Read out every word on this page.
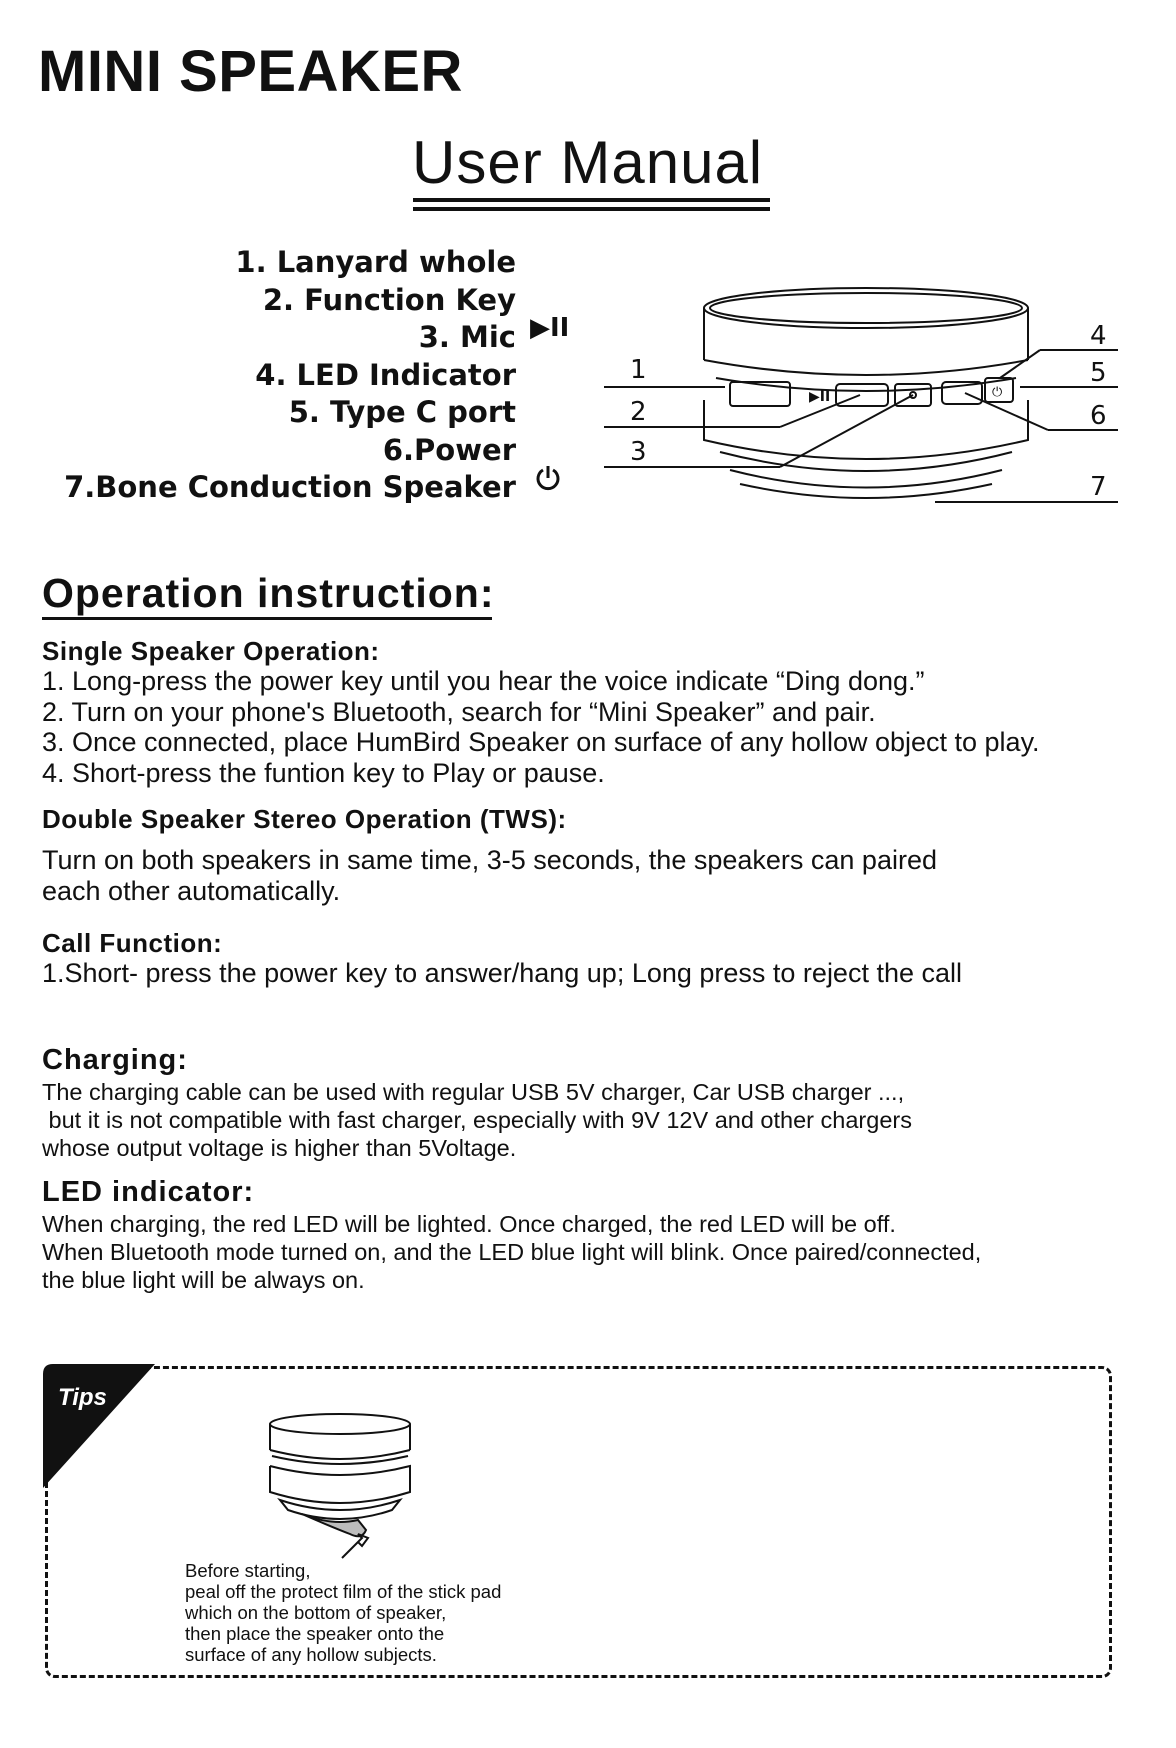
MINI SPEAKER
User Manual
1. Lanyard whole
2. Function Key
▶II
3. Mic
4. LED Indicator
5. Type C port
6.Power
7.Bone Conduction Speaker
▶II	⏻
1
2
3
4
5
6
7
Operation instruction:
Single Speaker Operation:
1. Long-press the power key until you hear the voice indicate “Ding dong.”
2. Turn on your phone's Bluetooth, search for “Mini Speaker” and pair.
3. Once connected, place HumBird Speaker on surface of any hollow object to play.
4. Short-press the funtion key to Play or pause.
Double Speaker Stereo Operation (TWS):
Turn on both speakers in same time, 3-5 seconds, the speakers can paired
each other automatically.
Call Function:
1.Short- press the power key to answer/hang up; Long press to reject the call
Charging:
The charging cable can be used with regular USB 5V charger, Car USB charger ...,
but it is not compatible with fast charger, especially with 9V 12V and other chargers
whose output voltage is higher than 5Voltage.
LED indicator:
When charging, the red LED will be lighted. Once charged, the red LED will be off.
When Bluetooth mode turned on, and the LED blue light will blink. Once paired/connected,
the blue light will be always on.
Tips
Before starting,
peal off the protect film of the stick pad
which on the bottom of speaker,
then place the speaker onto the
surface of any hollow subjects.
